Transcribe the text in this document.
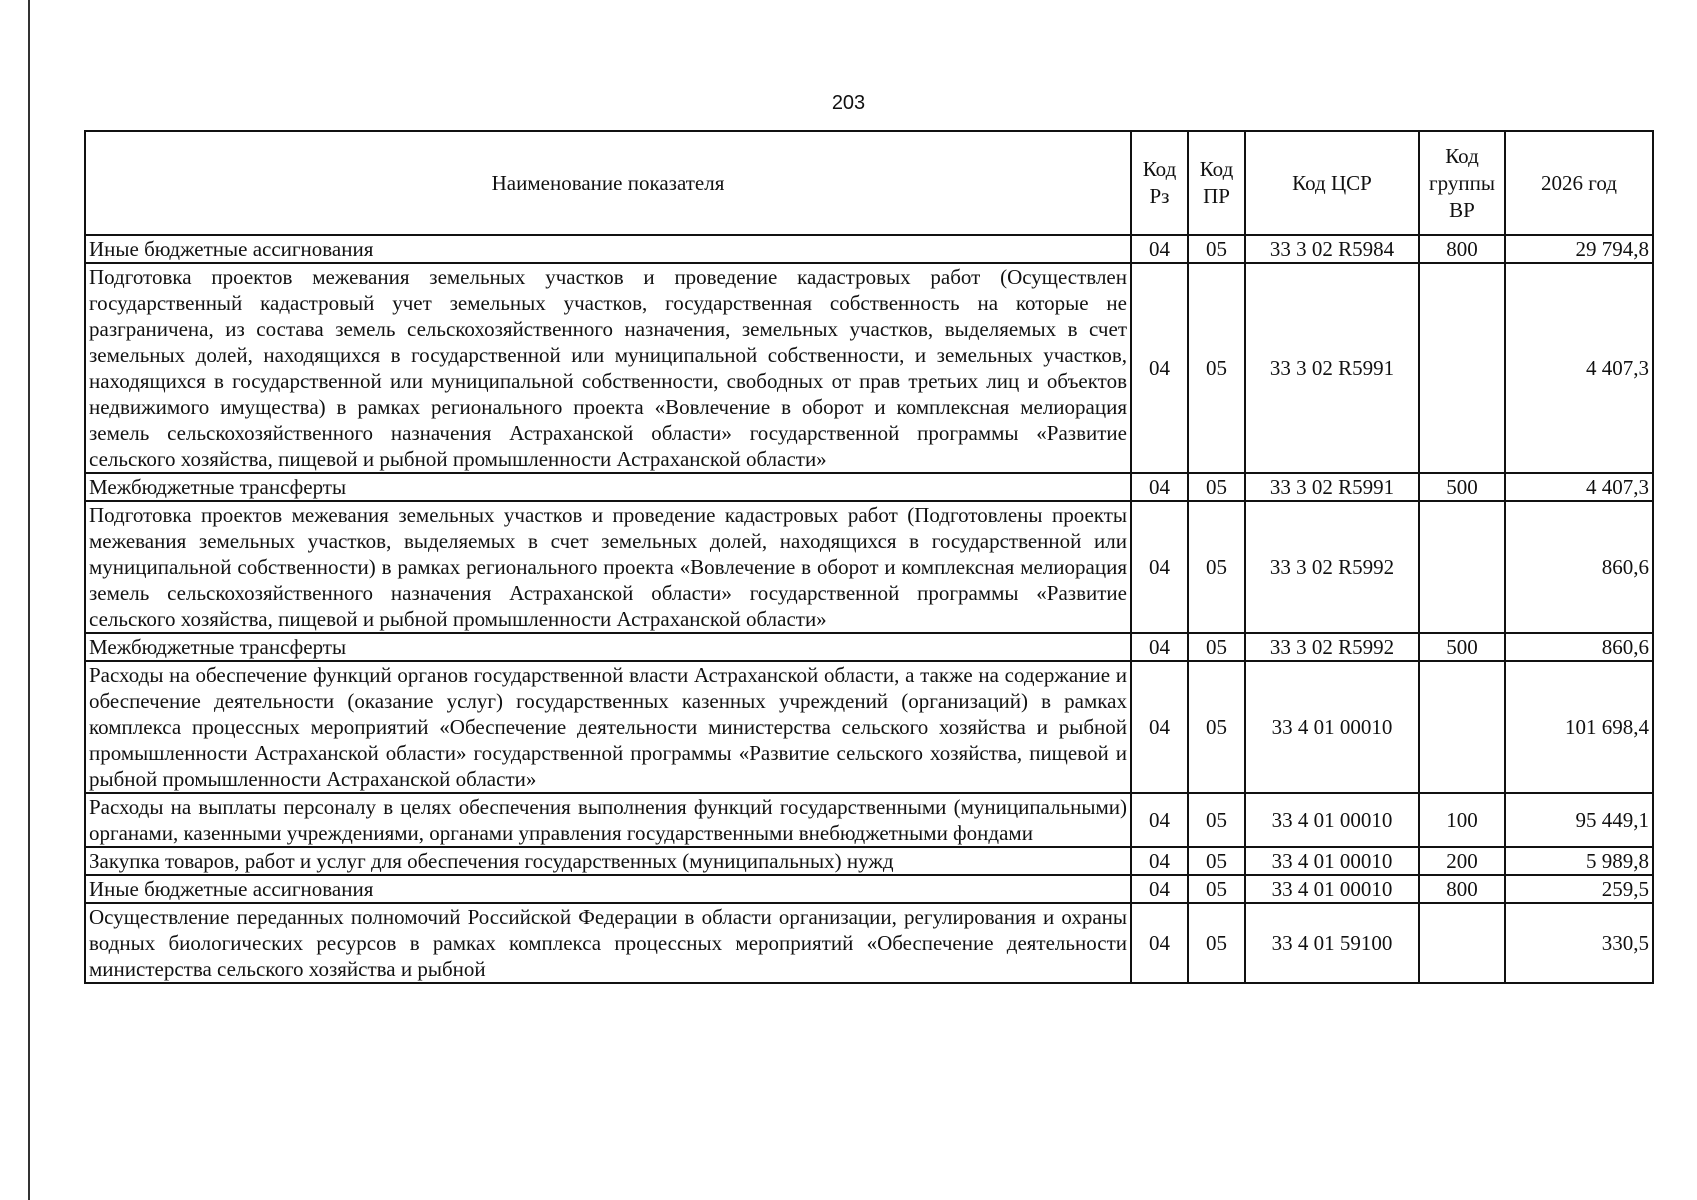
203
Наименование показателя	Код Рз	Код ПР	Код ЦСР	Код группы ВР	2026 год
Иные бюджетные ассигнования	04	05	33 3 02 R5984	800	29 794,8
Подготовка проектов межевания земельных участков и проведение кадастровых работ (Осуществлен государственный кадастровый учет земельных участков, государственная собственность на которые не разграничена, из состава земель сельскохозяйственного назначения, земельных участков, выделяемых в счет земельных долей, находящихся в государственной или муниципальной собственности, и земельных участков, находящихся в государственной или муниципальной собственности, свободных от прав третьих лиц и объектов недвижимого имущества) в рамках регионального проекта «Вовлечение в оборот и комплексная мелиорация земель сельскохозяйственного назначения Астраханской области» государственной программы «Развитие сельского хозяйства, пищевой и рыбной промышленности Астраханской области»	04	05	33 3 02 R5991		4 407,3
Межбюджетные трансферты	04	05	33 3 02 R5991	500	4 407,3
Подготовка проектов межевания земельных участков и проведение кадастровых работ (Подготовлены проекты межевания земельных участков, выделяемых в счет земельных долей, находящихся в государственной или муниципальной собственности) в рамках регионального проекта «Вовлечение в оборот и комплексная мелиорация земель сельскохозяйственного назначения Астраханской области» государственной программы «Развитие сельского хозяйства, пищевой и рыбной промышленности Астраханской области»	04	05	33 3 02 R5992		860,6
Межбюджетные трансферты	04	05	33 3 02 R5992	500	860,6
Расходы на обеспечение функций органов государственной власти Астраханской области, а также на содержание и обеспечение деятельности (оказание услуг) государственных казенных учреждений (организаций) в рамках комплекса процессных мероприятий «Обеспечение деятельности министерства сельского хозяйства и рыбной промышленности Астраханской области» государственной программы «Развитие сельского хозяйства, пищевой и рыбной промышленности Астраханской области»	04	05	33 4 01 00010		101 698,4
Расходы на выплаты персоналу в целях обеспечения выполнения функций государственными (муниципальными) органами, казенными учреждениями, органами управления государственными внебюджетными фондами	04	05	33 4 01 00010	100	95 449,1
Закупка товаров, работ и услуг для обеспечения государственных (муниципальных) нужд	04	05	33 4 01 00010	200	5 989,8
Иные бюджетные ассигнования	04	05	33 4 01 00010	800	259,5
Осуществление переданных полномочий Российской Федерации в области организации, регулирования и охраны водных биологических ресурсов в рамках комплекса процессных мероприятий «Обеспечение деятельности министерства сельского хозяйства и рыбной	04	05	33 4 01 59100		330,5
